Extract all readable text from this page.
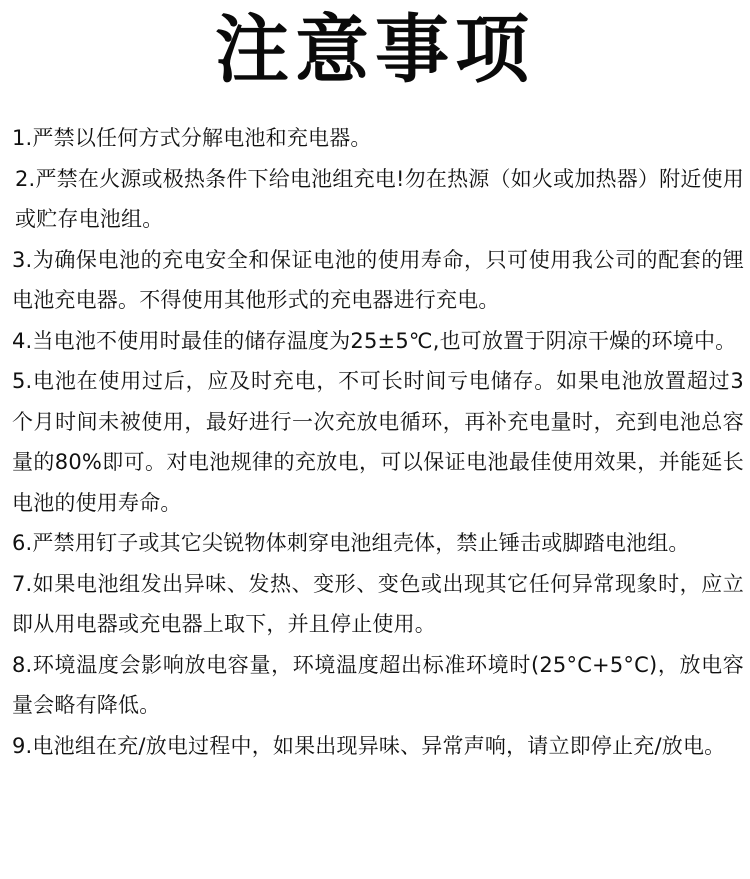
注意事项

1.严禁以任何方式分解电池和充电器。

2.严禁在火源或极热条件下给电池组充电!勿在热源（如火或加热器）附近使用或贮存电池组。

3.为确保电池的充电安全和保证电池的使用寿命，只可使用我公司的配套的锂电池充电器。不得使用其他形式的充电器进行充电。

4.当电池不使用时最佳的储存温度为25±5℃,也可放置于阴凉干燥的环境中。

5.电池在使用过后，应及时充电，不可长时间亏电储存。如果电池放置超过3个月时间未被使用，最好进行一次充放电循环，再补充电量时，充到电池总容量的80%即可。对电池规律的充放电，可以保证电池最佳使用效果，并能延长电池的使用寿命。

6.严禁用钉子或其它尖锐物体刺穿电池组壳体，禁止锤击或脚踏电池组。

7.如果电池组发出异味、发热、变形、变色或出现其它任何异常现象时，应立即从用电器或充电器上取下，并且停止使用。

8.环境温度会影响放电容量，环境温度超出标准环境时(25°C+5°C)，放电容量会略有降低。

9.电池组在充/放电过程中，如果出现异味、异常声响，请立即停止充/放电。
